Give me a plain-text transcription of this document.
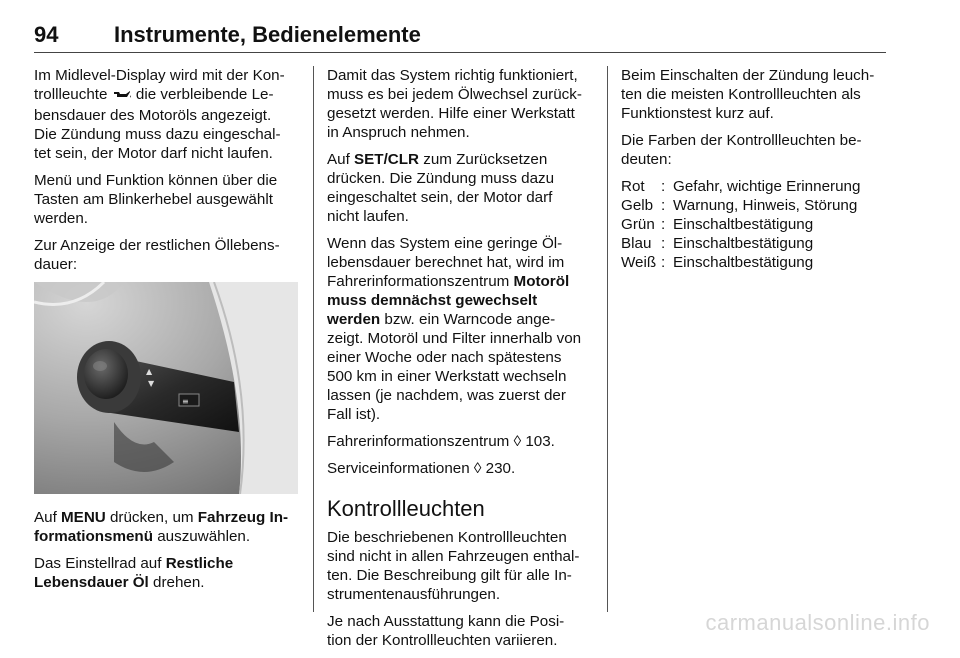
94	Instrumente, Bedienelemente

Im Midlevel-Display wird mit der Kon-
trollleuchte  die verbleibende Le-
bensdauer des Motoröls angezeigt.
Die Zündung muss dazu eingeschal-
tet sein, der Motor darf nicht laufen.

Menü und Funktion können über die
Tasten am Blinkerhebel ausgewählt
werden.

Zur Anzeige der restlichen Öllebens-
dauer:

▲
▼
≡

Auf MENU drücken, um Fahrzeug In-
formationsmenü auszuwählen.

Das Einstellrad auf Restliche
Lebensdauer Öl drehen.

Damit das System richtig funktioniert,
muss es bei jedem Ölwechsel zurück-
gesetzt werden. Hilfe einer Werkstatt
in Anspruch nehmen.

Auf SET/CLR zum Zurücksetzen
drücken. Die Zündung muss dazu
eingeschaltet sein, der Motor darf
nicht laufen.

Wenn das System eine geringe Öl-
lebensdauer berechnet hat, wird im
Fahrerinformationszentrum Motoröl
muss demnächst gewechselt
werden bzw. ein Warncode ange-
zeigt. Motoröl und Filter innerhalb von
einer Woche oder nach spätestens
500 km in einer Werkstatt wechseln
lassen (je nachdem, was zuerst der
Fall ist).

Fahrerinformationszentrum ◊ 103.

Serviceinformationen ◊ 230.

Kontrollleuchten

Die beschriebenen Kontrollleuchten
sind nicht in allen Fahrzeugen enthal-
ten. Die Beschreibung gilt für alle In-
strumentenausführungen.

Je nach Ausstattung kann die Posi-
tion der Kontrollleuchten variieren.

Beim Einschalten der Zündung leuch-
ten die meisten Kontrollleuchten als
Funktionstest kurz auf.

Die Farben der Kontrollleuchten be-
deuten:

Rot	:	Gefahr, wichtige Erinnerung
Gelb	:	Warnung, Hinweis, Störung
Grün	:	Einschaltbestätigung
Blau	:	Einschaltbestätigung
Weiß	:	Einschaltbestätigung
carmanualsonline.info
